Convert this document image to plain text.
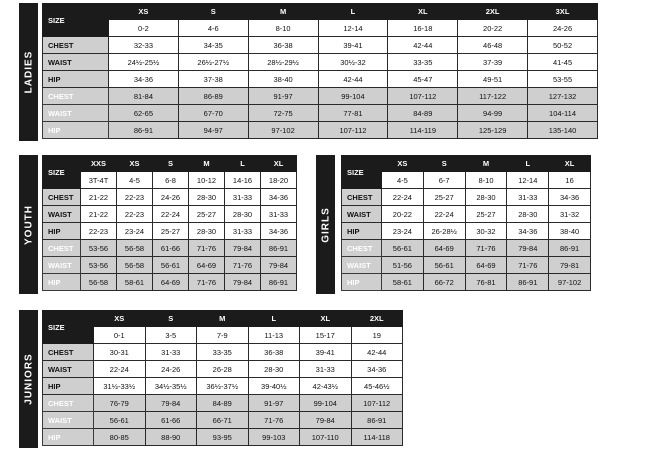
LADIES
SIZE	XS	S	M	L	XL	2XL	3XL
	0-2	4-6	8-10	12-14	16-18	20-22	24-26
CHEST	32-33	34-35	36-38	39-41	42-44	46-48	50-52
WAIST	24½-25½	26½-27½	28½-29½	30½-32	33-35	37-39	41-45
HIP	34-36	37-38	38-40	42-44	45-47	49-51	53-55
CHEST	81-84	86-89	91-97	99-104	107-112	117-122	127-132
WAIST	62-65	67-70	72-75	77-81	84-89	94-99	104-114
HIP	86-91	94-97	97-102	107-112	114-119	125-129	135-140
YOUTH
SIZE	XXS	XS	S	M	L	XL
	3T-4T	4-5	6-8	10-12	14-16	18-20
CHEST	21-22	22-23	24-26	28-30	31-33	34-36
WAIST	21-22	22-23	22-24	25-27	28-30	31-33
HIP	22-23	23-24	25-27	28-30	31-33	34-36
CHEST	53-56	56-58	61-66	71-76	79-84	86-91
WAIST	53-56	56-58	56-61	64-69	71-76	79-84
HIP	56-58	58-61	64-69	71-76	79-84	86-91
GIRLS
SIZE	XS	S	M	L	XL
	4-5	6-7	8-10	12-14	16
CHEST	22-24	25-27	28-30	31-33	34-36
WAIST	20-22	22-24	25-27	28-30	31-32
HIP	23-24	26-28½	30-32	34-36	38-40
CHEST	56-61	64-69	71-76	79-84	86-91
WAIST	51-56	56-61	64-69	71-76	79-81
HIP	58-61	66-72	76-81	86-91	97-102
JUNIORS
SIZE	XS	S	M	L	XL	2XL
	0-1	3-5	7-9	11-13	15-17	19
CHEST	30-31	31-33	33-35	36-38	39-41	42-44
WAIST	22-24	24-26	26-28	28-30	31-33	34-36
HIP	31½-33½	34½-35½	36½-37½	39-40½	42-43½	45-46½
CHEST	76-79	79-84	84-89	91-97	99-104	107-112
WAIST	56-61	61-66	66-71	71-76	79-84	86-91
HIP	80-85	88-90	93-95	99-103	107-110	114-118
